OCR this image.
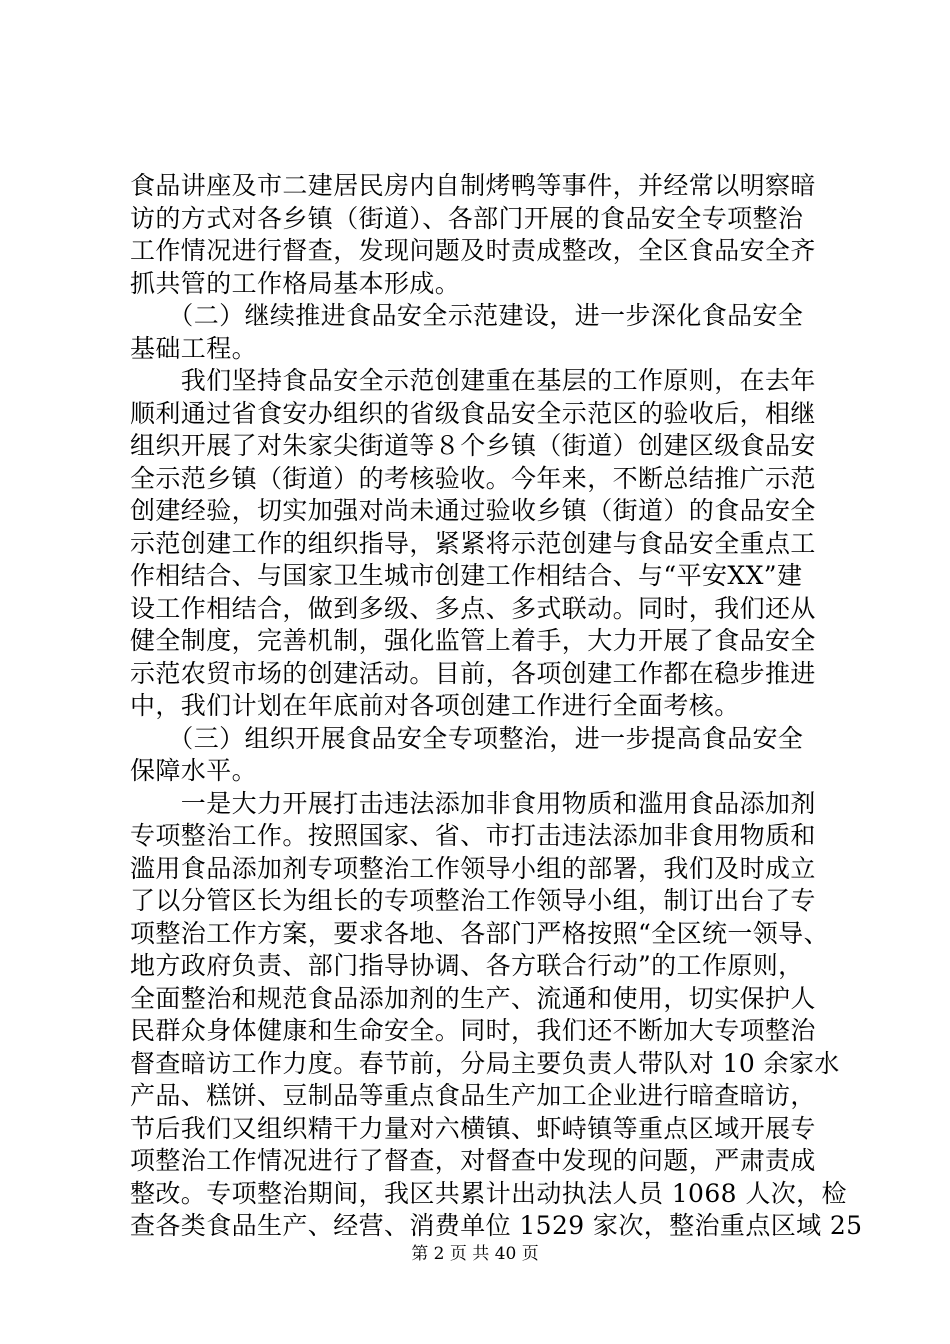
食品讲座及市二建居民房内自制烤鸭等事件，并经常以明察暗
访的方式对各乡镇（街道）、各部门开展的食品安全专项整治
工作情况进行督查，发现问题及时责成整改，全区食品安全齐
抓共管的工作格局基本形成。
　　（二）继续推进食品安全示范建设，进一步深化食品安全
基础工程。
　　我们坚持食品安全示范创建重在基层的工作原则，在去年
顺利通过省食安办组织的省级食品安全示范区的验收后，相继
组织开展了对朱家尖街道等８个乡镇（街道）创建区级食品安
全示范乡镇（街道）的考核验收。今年来，不断总结推广示范
创建经验，切实加强对尚未通过验收乡镇（街道）的食品安全
示范创建工作的组织指导，紧紧将示范创建与食品安全重点工
作相结合、与国家卫生城市创建工作相结合、与“平安XX”建
设工作相结合，做到多级、多点、多式联动。同时，我们还从
健全制度，完善机制，强化监管上着手，大力开展了食品安全
示范农贸市场的创建活动。目前，各项创建工作都在稳步推进
中，我们计划在年底前对各项创建工作进行全面考核。
　　（三）组织开展食品安全专项整治，进一步提高食品安全
保障水平。
　　一是大力开展打击违法添加非食用物质和滥用食品添加剂
专项整治工作。按照国家、省、市打击违法添加非食用物质和
滥用食品添加剂专项整治工作领导小组的部署，我们及时成立
了以分管区长为组长的专项整治工作领导小组，制订出台了专
项整治工作方案，要求各地、各部门严格按照“全区统一领导、
地方政府负责、部门指导协调、各方联合行动”的工作原则，
全面整治和规范食品添加剂的生产、流通和使用，切实保护人
民群众身体健康和生命安全。同时，我们还不断加大专项整治
督查暗访工作力度。春节前，分局主要负责人带队对 10 余家水
产品、糕饼、豆制品等重点食品生产加工企业进行暗查暗访，
节后我们又组织精干力量对六横镇、虾峙镇等重点区域开展专
项整治工作情况进行了督查，对督查中发现的问题，严肃责成
整改。专项整治期间，我区共累计出动执法人员 1068 人次，检
查各类食品生产、经营、消费单位 1529 家次，整治重点区域 25
第 2 页 共 40 页
